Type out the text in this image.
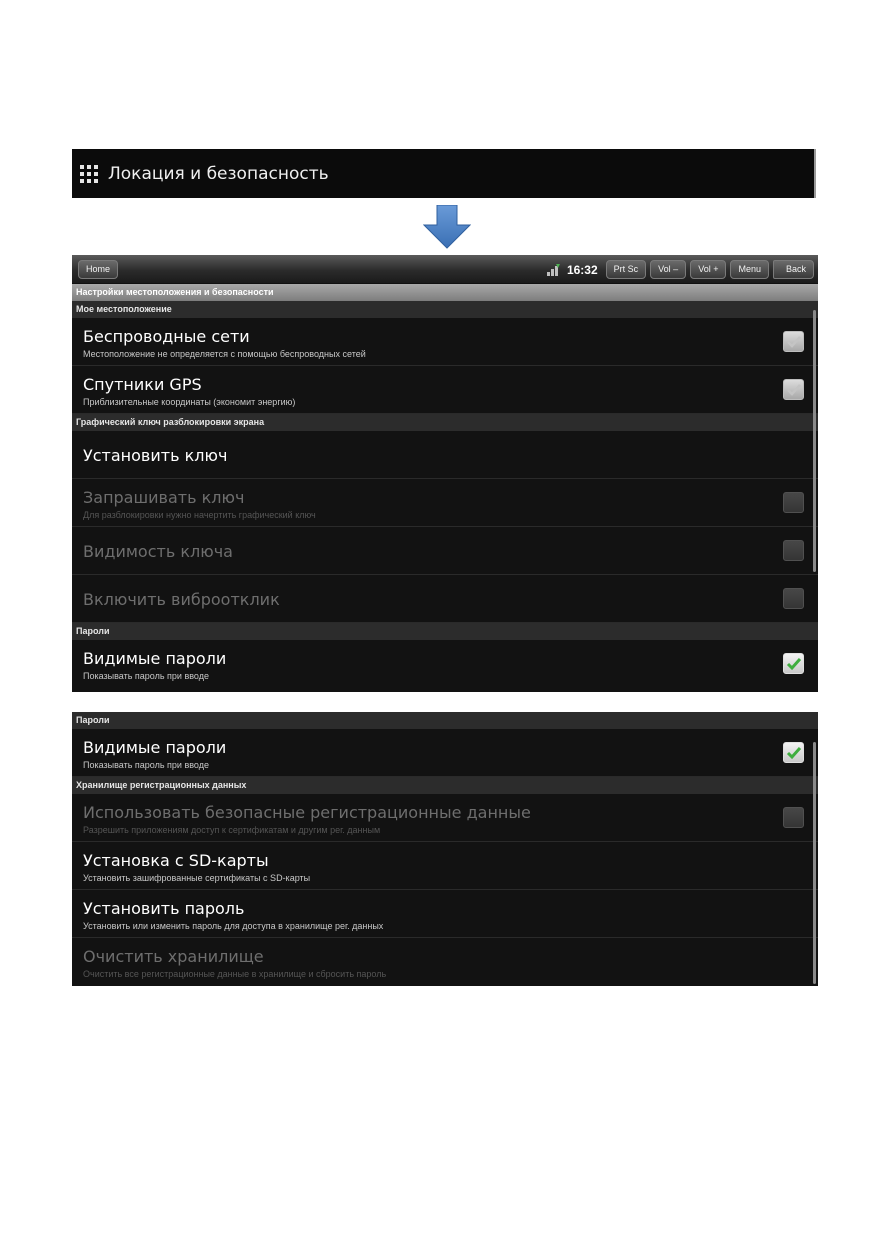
Локация и безопасность
Home	16:32	Prt Sc	Vol –	Vol +	Menu	Back
Настройки местоположения и безопасности
Мое местоположение
Беспроводные сети
Местоположение не определяется с помощью беспроводных сетей
Спутники GPS
Приблизительные координаты (экономит энергию)
Графический ключ разблокировки экрана
Установить ключ
Запрашивать ключ
Для разблокировки нужно начертить графический ключ
Видимость ключа
Включить виброотклик
Пароли
Видимые пароли
Показывать пароль при вводе
Пароли
Видимые пароли
Показывать пароль при вводе
Хранилище регистрационных данных
Использовать безопасные регистрационные данные
Разрешить приложениям доступ к сертификатам и другим рег. данным
Установка с SD-карты
Установить зашифрованные сертификаты с SD-карты
Установить пароль
Установить или изменить пароль для доступа в хранилище рег. данных
Очистить хранилище
Очистить все регистрационные данные в хранилище и сбросить пароль
